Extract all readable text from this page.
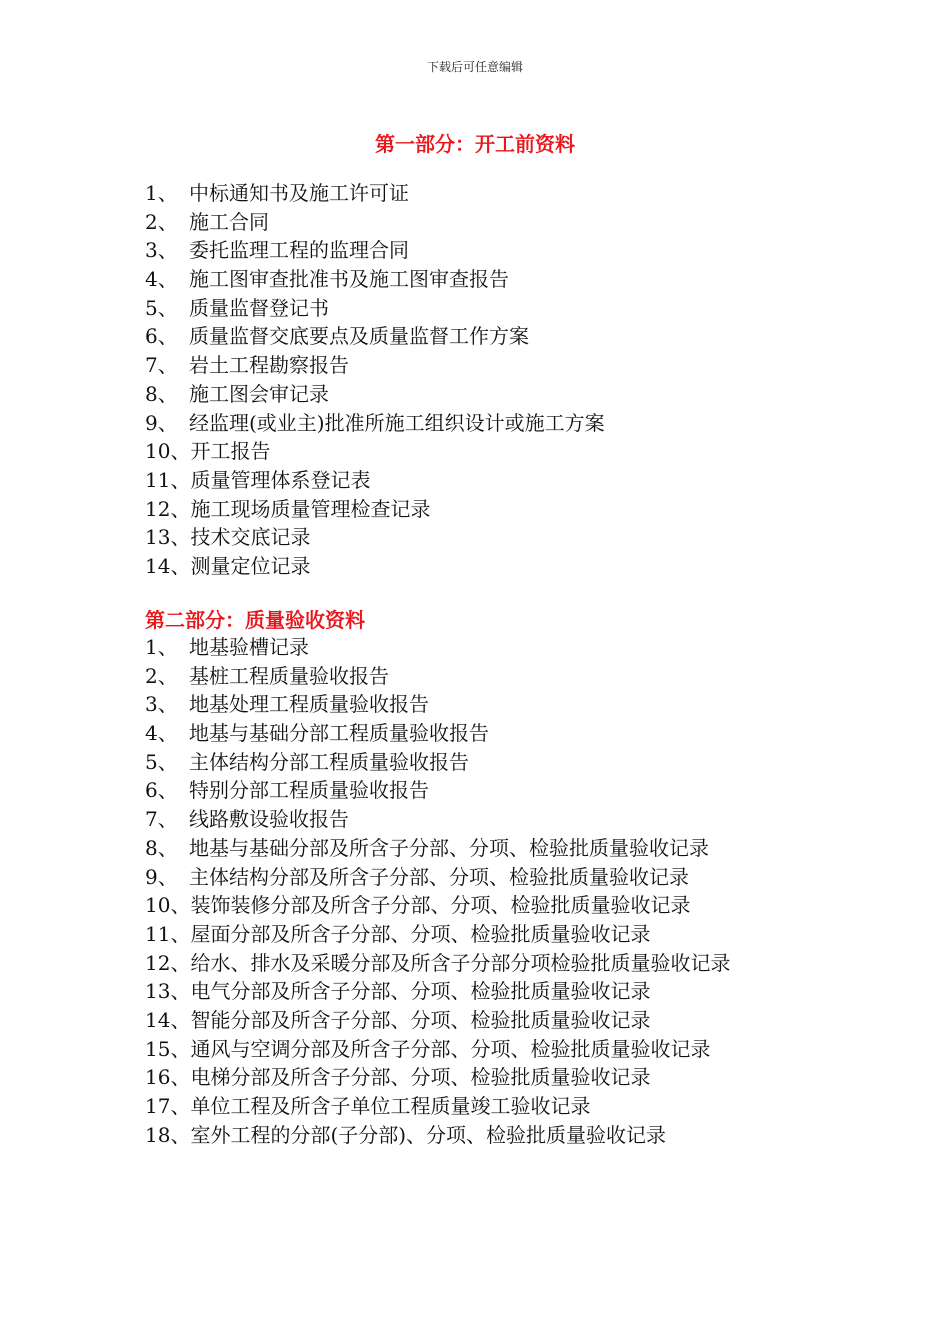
下载后可任意编辑
第一部分：开工前资料
1、 中标通知书及施工许可证
2、 施工合同
3、 委托监理工程的监理合同
4、 施工图审查批准书及施工图审查报告
5、 质量监督登记书
6、 质量监督交底要点及质量监督工作方案
7、 岩土工程勘察报告
8、 施工图会审记录
9、 经监理(或业主)批准所施工组织设计或施工方案
10、 开工报告
11、 质量管理体系登记表
12、 施工现场质量管理检查记录
13、 技术交底记录
14、 测量定位记录
第二部分：质量验收资料
1、 地基验槽记录
2、 基桩工程质量验收报告
3、 地基处理工程质量验收报告
4、 地基与基础分部工程质量验收报告
5、 主体结构分部工程质量验收报告
6、 特别分部工程质量验收报告
7、 线路敷设验收报告
8、 地基与基础分部及所含子分部、分项、检验批质量验收记录
9、 主体结构分部及所含子分部、分项、检验批质量验收记录
10、 装饰装修分部及所含子分部、分项、检验批质量验收记录
11、 屋面分部及所含子分部、分项、检验批质量验收记录
12、 给水、排水及采暖分部及所含子分部分项检验批质量验收记录
13、 电气分部及所含子分部、分项、检验批质量验收记录
14、 智能分部及所含子分部、分项、检验批质量验收记录
15、 通风与空调分部及所含子分部、分项、检验批质量验收记录
16、 电梯分部及所含子分部、分项、检验批质量验收记录
17、 单位工程及所含子单位工程质量竣工验收记录
18、 室外工程的分部(子分部)、分项、检验批质量验收记录
